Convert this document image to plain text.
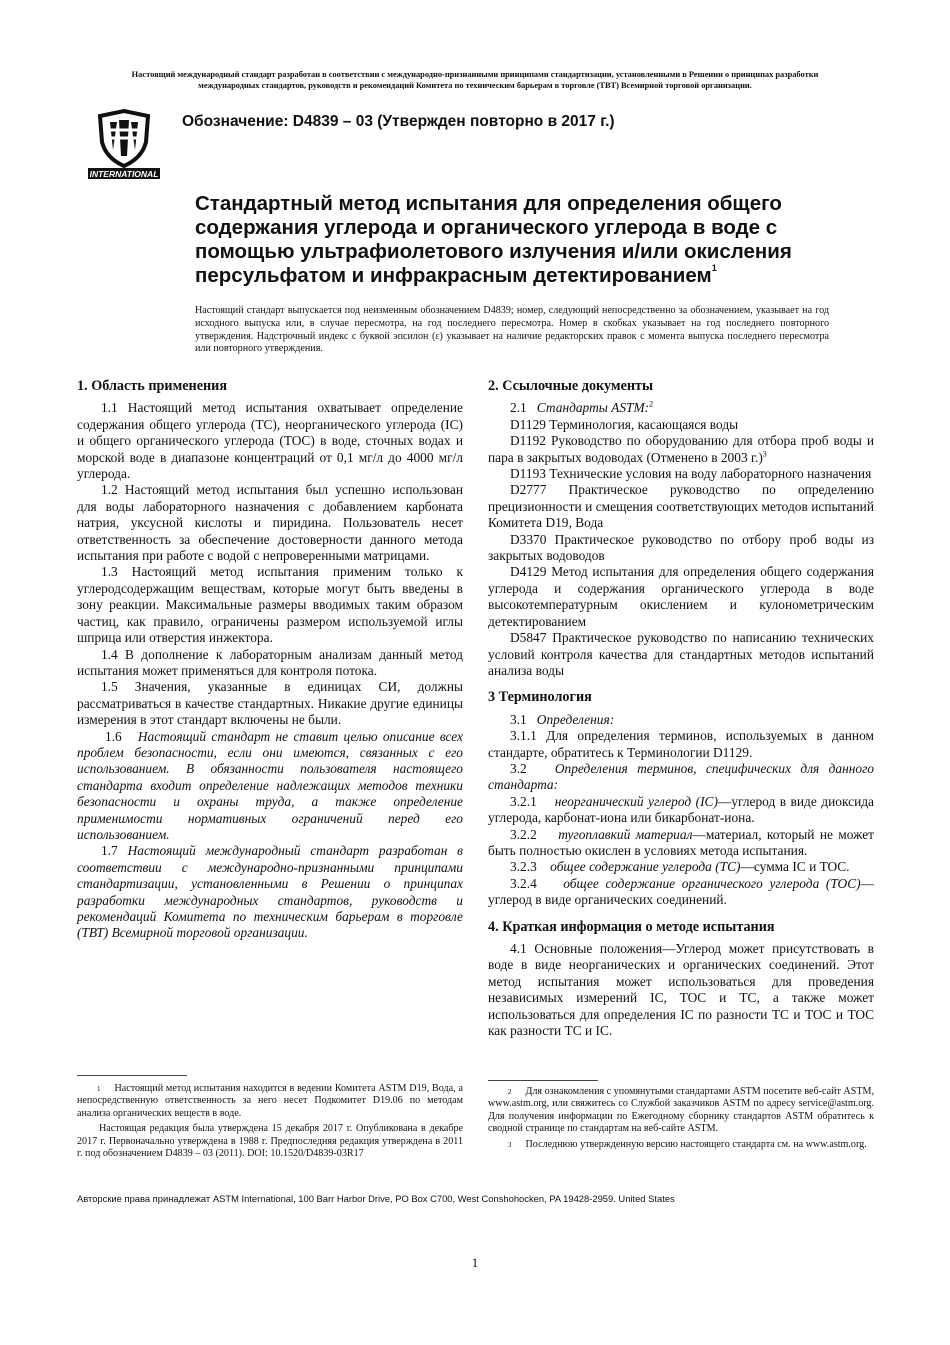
Настоящий международный стандарт разработан в соответствии с международно-признанными принципами стандартизации, установленными в Решении о принципах разработки
международных стандартов, руководств и рекомендаций Комитета по техническим барьерам в торговле (ТВТ) Всемирной торговой организации.
INTERNATIONAL
Обозначение: D4839 – 03 (Утвержден повторно в 2017 г.)
Стандартный метод испытания для определения общего содержания углерода и органического углерода в воде с помощью ультрафиолетового излучения и/или окисления персульфатом и инфракрасным детектированием$^1$
Настоящий стандарт выпускается под неизменным обозначением D4839; номер, следующий непосредственно за обозначением, указывает на год исходного выпуска или, в случае пересмотра, на год последнего пересмотра. Номер в скобках указывает на год последнего повторного утверждения. Надстрочный индекс с буквой эпсилон (ε) указывает на наличие редакторских правок с момента выпуска последнего пересмотра или повторного утверждения.

1. Область применения

1.1 Настоящий метод испытания охватывает определение содержания общего углерода (TC), неорганического углерода (IC) и общего органического углерода (TOC) в воде, сточных водах и морской воде в диапазоне концентраций от 0,1 мг/л до 4000 мг/л углерода.

1.2 Настоящий метод испытания был успешно использован для воды лабораторного назначения с добавлением карбоната натрия, уксусной кислоты и пиридина. Пользователь несет ответственность за обеспечение достоверности данного метода испытания при работе с водой с непроверенными матрицами.

1.3 Настоящий метод испытания применим только к углеродсодержащим веществам, которые могут быть введены в зону реакции. Максимальные размеры вводимых таким образом частиц, как правило, ограничены размером используемой иглы шприца или отверстия инжектора.

1.4 В дополнение к лабораторным анализам данный метод испытания может применяться для контроля потока.

1.5 Значения, указанные в единицах СИ, должны рассматриваться в качестве стандартных. Никакие другие единицы измерения в этот стандарт включены не были.

1.6 Настоящий стандарт не ставит целью описание всех проблем безопасности, если они имеются, связанных с его использованием. В обязанности пользователя настоящего стандарта входит определение надлежащих методов техники безопасности и охраны труда, а также определение применимости нормативных ограничений перед его использованием.

1.7 Настоящий международный стандарт разработан в соответствии с международно-признанными принципами стандартизации, установленными в Решении о принципах разработки международных стандартов, руководств и рекомендаций Комитета по техническим барьерам в торговле (ТВТ) Всемирной торговой организации.

2. Ссылочные документы

2.1 Стандарты ASTM:$^2$

D1129 Терминология, касающаяся воды

D1192 Руководство по оборудованию для отбора проб воды и пара в закрытых водоводах (Отменено в 2003 г.)$^3$

D1193 Технические условия на воду лабораторного назначения

D2777 Практическое руководство по определению прецизионности и смещения соответствующих методов испытаний Комитета D19, Вода

D3370 Практическое руководство по отбору проб воды из закрытых водоводов

D4129 Метод испытания для определения общего содержания углерода и содержания органического углерода в воде высокотемпературным окислением и кулонометрическим детектированием

D5847 Практическое руководство по написанию технических условий контроля качества для стандартных методов испытаний анализа воды

3 Терминология

3.1 Определения:

3.1.1 Для определения терминов, используемых в данном стандарте, обратитесь к Терминологии D1129.

3.2 Определения терминов, специфических для данного стандарта:

3.2.1 неорганический углерод (IC)—углерод в виде диоксида углерода, карбонат-иона или бикарбонат-иона.

3.2.2 тугоплавкий материал—материал, который не может быть полностью окислен в условиях метода испытания.

3.2.3 общее содержание углерода (TC)—сумма IC и TOC.

3.2.4 общее содержание органического углерода (TOC)—углерод в виде органических соединений.

4. Краткая информация о методе испытания

4.1 Основные положения—Углерод может присутствовать в воде в виде неорганических и органических соединений. Этот метод испытания может использоваться для проведения независимых измерений IC, TOC и TC, а также может использоваться для определения IC по разности TC и TOC и TOC как разности TC и IC.

$^1$ Настоящий метод испытания находится в ведении Комитета ASTM D19, Вода, а непосредственную ответственность за него несет Подкомитет D19.06 по методам анализа органических веществ в воде.

Настоящая редакция была утверждена 15 декабря 2017 г. Опубликована в декабре 2017 г. Первоначально утверждена в 1988 г. Предпоследняя редакция утверждена в 2011 г. под обозначением D4839 – 03 (2011). DOI: 10.1520/D4839-03R17

$^2$ Для ознакомления с упомянутыми стандартами ASTM посетите веб-сайт ASTM, www.astm.org, или свяжитесь со Службой заказчиков ASTM по адресу service@astm.org. Для получения информации по Ежегодному сборнику стандартов ASTM обратитесь к сводной странице по стандартам на веб-сайте ASTM.

$^3$ Последнюю утвержденную версию настоящего стандарта см. на www.astm.org.

Авторские права принадлежат ASTM International, 100 Barr Harbor Drive, PO Box C700, West Conshohocken, PA 19428-2959. United States
1
